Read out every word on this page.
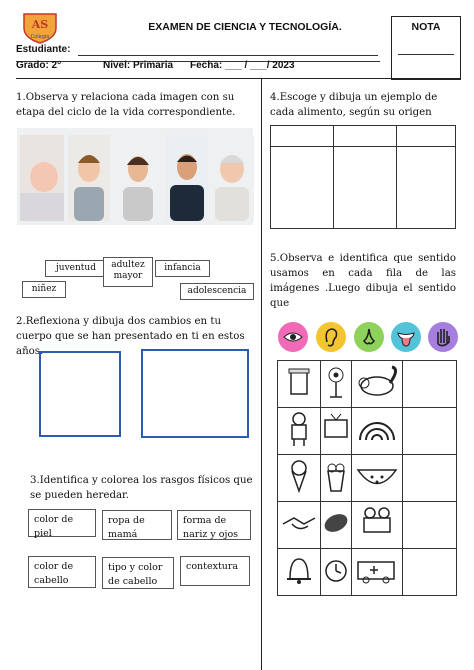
AS
Colegio
EXAMEN DE CIENCIA Y TECNOLOGÍA.	NOTA
Estudiante:
Grado: 2°	Nivel: Primaria Fecha: ___ / ___/ 2023
1.Observa y relaciona cada imagen con su etapa del ciclo de la vida correspondiente.
juventud	adultez mayor
infancia
niñez	adolescencia
2.Reflexiona y dibuja dos cambios en tu cuerpo que se han presentado en ti en estos años.
3.Identifica y colorea los rasgos físicos que se pueden heredar.
color de piel
ropa de mamá
forma de nariz y ojos
color de cabello
tipo y color de cabello
contextura
4.Escoge y dibuja un ejemplo de cada alimento, según su origen

5.Observa e identifica que sentido usamos en cada fila de las imágenes .Luego dibuja el sentido que
